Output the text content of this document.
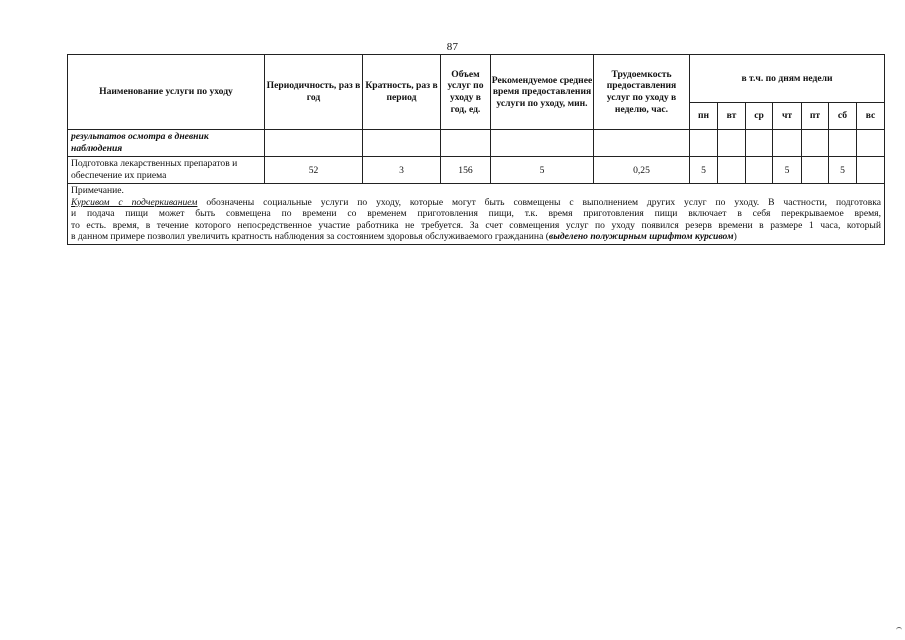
87
Наименование услуги по уходу	Периодичность, раз в год	Кратность, раз в период	Объем услуг по уходу в год, ед.	Рекомендуемое среднее время предоставления услуги по уходу, мин.	Трудоемкость предоставления услуг по уходу в неделю, час.	в т.ч. по дням недели						
						пн	вт	ср	чт	пт	сб	вс
результатов осмотра в дневник наблюдения												
Подготовка лекарственных препаратов и обеспечение их приема	52	3	156	5	0,25	5			5		5	

Примечание.
Курсивом с подчеркиванием обозначены социальные услуги по уходу, которые могут быть совмещены с выполнением других услуг по уходу. В частности, подготовка
и подача пищи может быть совмещена по времени со временем приготовления пищи, т.к. время приготовления пищи включает в себя перекрываемое время,
то есть. время, в течение которого непосредственное участие работника не требуется. За счет совмещения услуг по уходу появился резерв времени в размере 1 часа, который
в данном примере позволил увеличить кратность наблюдения за состоянием здоровья обслуживаемого гражданина (выделено полужирным шрифтом курсивом)												
